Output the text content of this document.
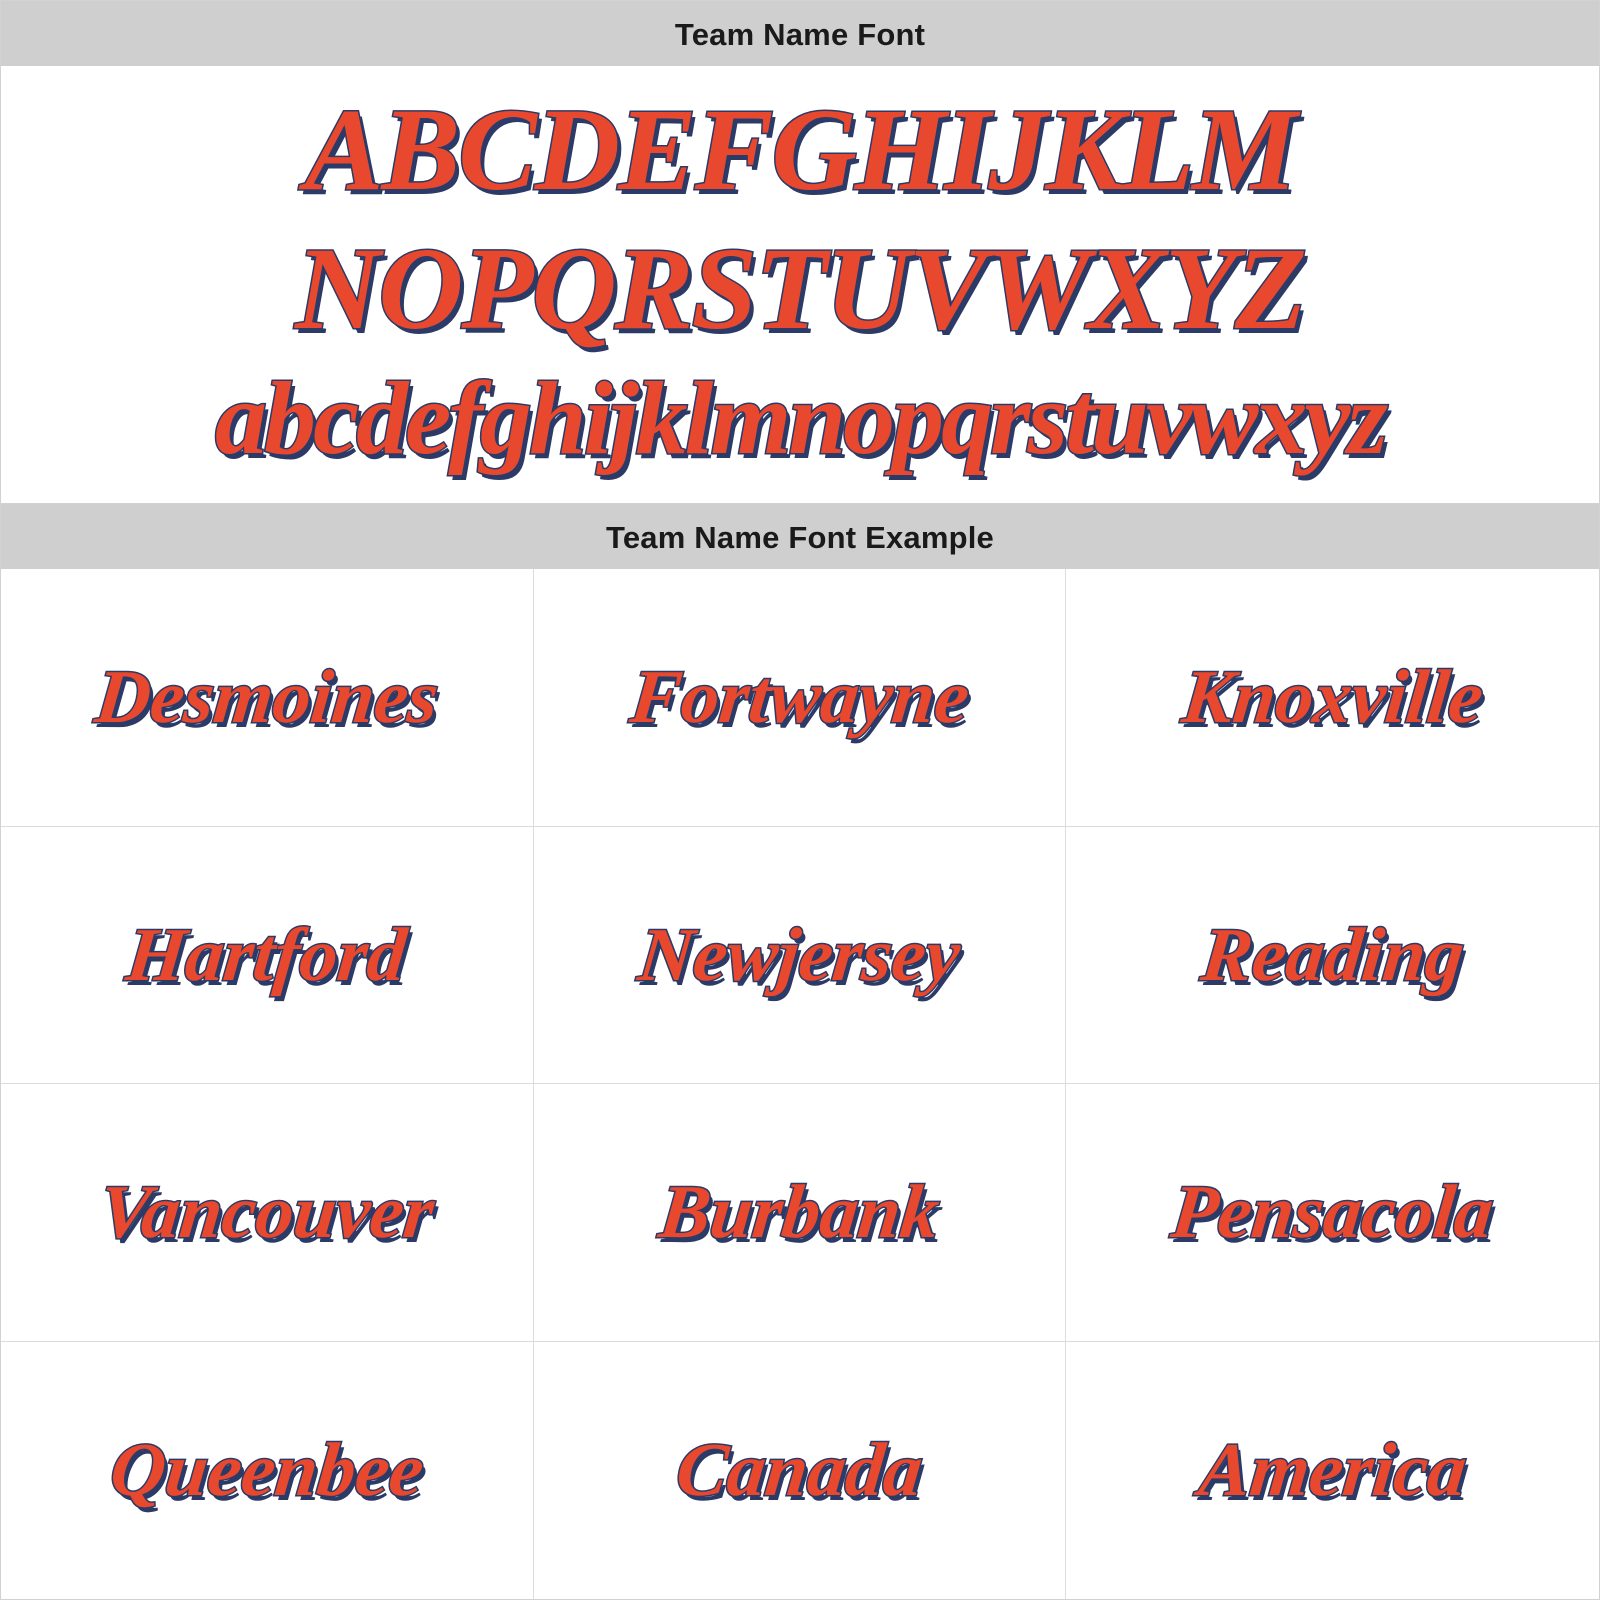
Team Name Font
ABCDEFGHIJKLM
NOPQRSTUVWXYZ
abcdefghijklmnopqrstuvwxyz
Team Name Font Example
Desmoines Fortwayne	Knoxville
Hartford	Newjersey	Reading
Vancouver	Burbank	Pensacola
Queenbee	Canada	America
